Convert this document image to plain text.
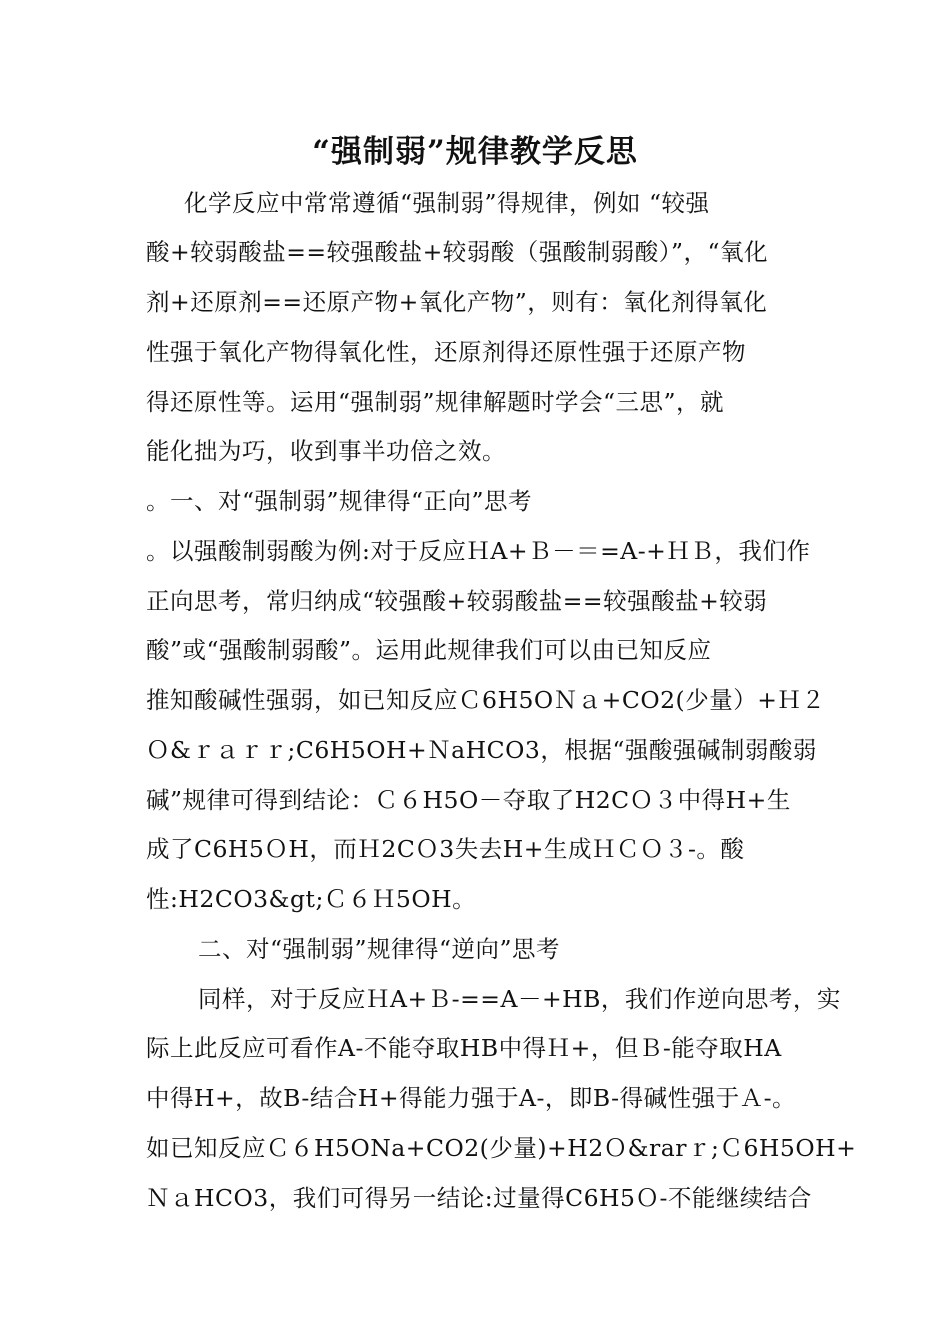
“强制弱”规律教学反思
化学反应中常常遵循“强制弱”得规律，例如 “较强
酸+较弱酸盐==较强酸盐+较弱酸（强酸制弱酸）”，“氧化
剂+还原剂==还原产物+氧化产物”，则有：氧化剂得氧化
性强于氧化产物得氧化性，还原剂得还原性强于还原产物
得还原性等。运用“强制弱”规律解题时学会“三思”，就
能化拙为巧，收到事半功倍之效。
。一、对“强制弱”规律得“正向”思考
。以强酸制弱酸为例:对于反应ＨA+Ｂ－＝=A-+ＨＢ，我们作
正向思考，常归纳成“较强酸+较弱酸盐==较强酸盐+较弱
酸”或“强酸制弱酸”。运用此规律我们可以由已知反应
推知酸碱性强弱，如已知反应Ｃ6H5OＮａ+CO2(少量）+Ｈ２
Ｏ&ｒａｒｒ;C6H5OH+ＮaHCO3，根据“强酸强碱制弱酸弱
碱”规律可得到结论：Ｃ６H5O－夺取了H2CＯ３中得H+生
成了C6H5ＯH，而Ｈ2CＯ3失去H+生成ＨＣＯ３-。酸
性:H2CO3&gt;Ｃ６Ｈ5OH。
二、对“强制弱”规律得“逆向”思考
同样，对于反应ＨA+Ｂ-==A－+HB，我们作逆向思考，实
际上此反应可看作A-不能夺取HB中得Ｈ+，但Ｂ-能夺取HA
中得H+，故B-结合H+得能力强于A-，即B-得碱性强于Ａ-。
如已知反应Ｃ６H5ONa+CO2(少量)+H2Ｏ&rarｒ;Ｃ6H5OH+
ＮａHCO3，我们可得另一结论:过量得C6H5Ｏ-不能继续结合
